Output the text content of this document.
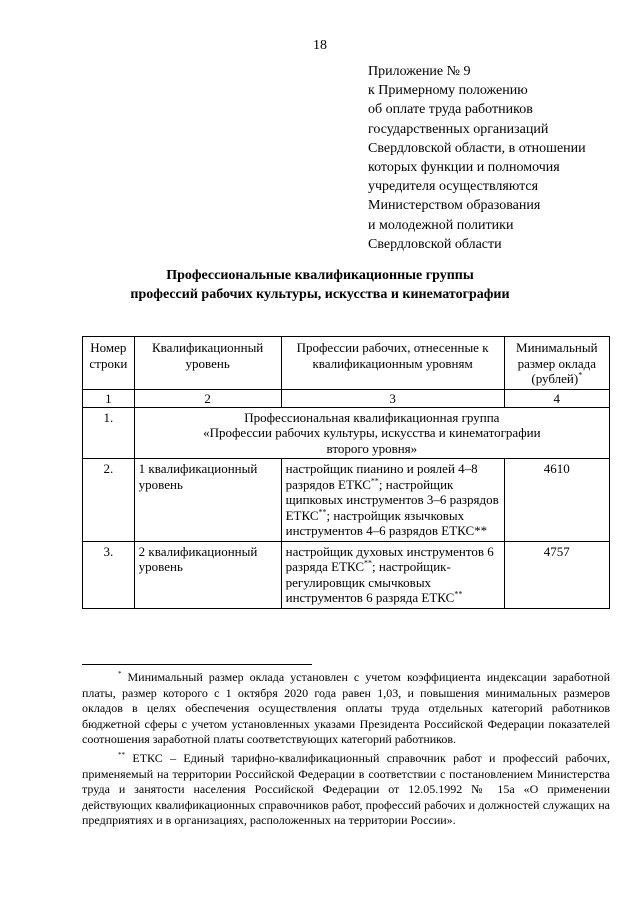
18
Приложение № 9
к Примерному положению
об оплате труда работников
государственных организаций
Свердловской области, в отношении
которых функции и полномочия
учредителя осуществляются
Министерством образования
и молодежной политики
Свердловской области
Профессиональные квалификационные группы
профессий рабочих культуры, искусства и кинематографии
Номер строки	Квалификационный уровень	Профессии рабочих, отнесенные к квалификационным уровням	Минимальный размер оклада (рублей)*
1	2	3	4
1.	Профессиональная квалификационная группа
«Профессии рабочих культуры, искусства и кинематографии
второго уровня»		

2.	1 квалификационный уровень	настройщик пианино и роялей 4–8 разрядов ЕТКС**; настройщик щипковых инструментов 3–6 разрядов ЕТКС**; настройщик язычковых инструментов 4–6 разрядов ЕТКС**	4610
3.	2 квалификационный уровень	настройщик духовых инструментов 6 разряда ЕТКС**; настройщик-регулировщик смычковых инструментов 6 разряда ЕТКС**	4757

* Минимальный размер оклада установлен с учетом коэффициента индексации заработной платы, размер которого с 1 октября 2020 года равен 1,03, и повышения минимальных размеров окладов в целях обеспечения осуществления оплаты труда отдельных категорий работников бюджетной сферы с учетом установленных указами Президента Российской Федерации показателей соотношения заработной платы соответствующих категорий работников.

** ЕТКС – Единый тарифно-квалификационный справочник работ и профессий рабочих, применяемый на территории Российской Федерации в соответствии с постановлением Министерства труда и занятости населения Российской Федерации от 12.05.1992 № 15а «О применении действующих квалификационных справочников работ, профессий рабочих и должностей служащих на предприятиях и в организациях, расположенных на территории России».
